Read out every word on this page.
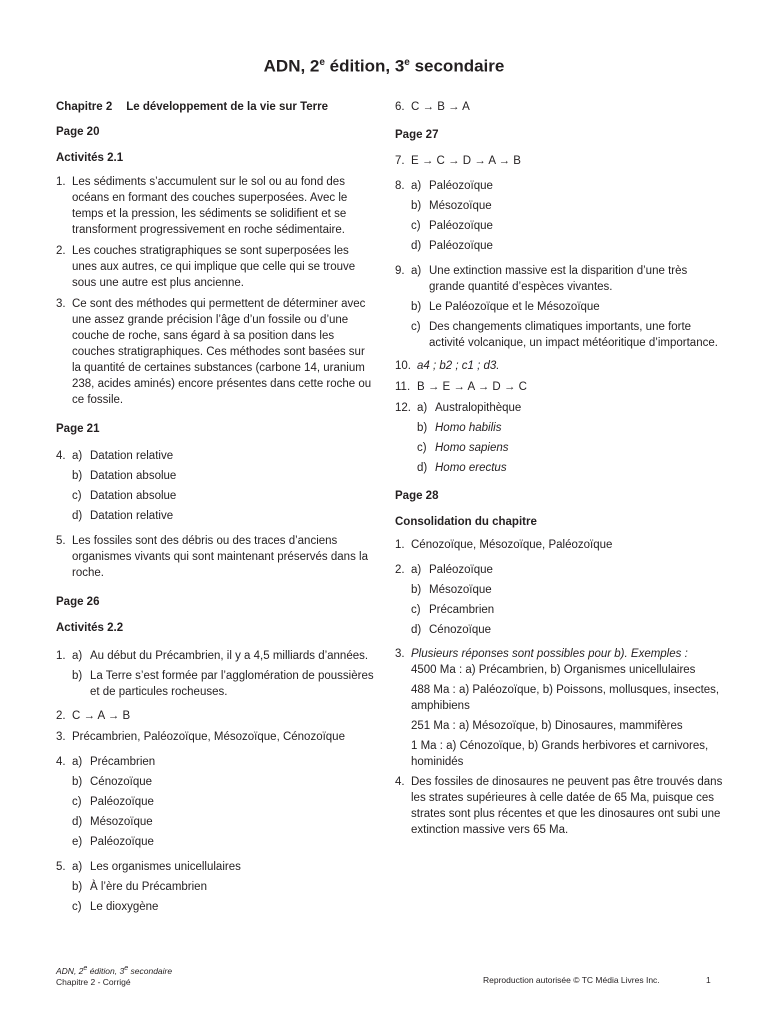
ADN, 2e édition, 3e secondaire
Chapitre 2 Le développement de la vie sur Terre
Page 20
Activités 2.1
1. Les sédiments s’accumulent sur le sol ou au fond des océans en formant des couches superposées. Avec le temps et la pression, les sédiments se solidifient et se transforment progressivement en roche sédimentaire.
2. Les couches stratigraphiques se sont superposées les unes aux autres, ce qui implique que celle qui se trouve sous une autre est plus ancienne.
3. Ce sont des méthodes qui permettent de déterminer avec une assez grande précision l’âge d’un fossile ou d’une couche de roche, sans égard à sa position dans les couches stratigraphiques. Ces méthodes sont basées sur la quantité de certaines substances (carbone 14, uranium 238, acides aminés) encore présentes dans cette roche ou ce fossile.
Page 21
4. a) Datation relative
b) Datation absolue
c) Datation absolue
d) Datation relative
5. Les fossiles sont des débris ou des traces d’anciens organismes vivants qui sont maintenant préservés dans la roche.
Page 26
Activités 2.2
1. a) Au début du Précambrien, il y a 4,5 milliards d’années.
b) La Terre s’est formée par l’agglomération de poussières et de particules rocheuses.
2. C → A → B
3. Précambrien, Paléozoïque, Mésozoïque, Cénozoïque
4. a) Précambrien
b) Cénozoïque
c) Paléozoïque
d) Mésozoïque
e) Paléozoïque
5. a) Les organismes unicellulaires
b) À l’ère du Précambrien
c) Le dioxygène
6. C → B → A
Page 27
7. E → C → D → A → B
8. a) Paléozoïque
b) Mésozoïque
c) Paléozoïque
d) Paléozoïque
9. a) Une extinction massive est la disparition d’une très grande quantité d’espèces vivantes.
b) Le Paléozoïque et le Mésozoïque
c) Des changements climatiques importants, une forte activité volcanique, un impact météoritique d’importance.
10. a4 ; b2 ; c1 ; d3.
11. B → E → A → D → C
12. a) Australopithèque
b) Homo habilis
c) Homo sapiens
d) Homo erectus
Page 28
Consolidation du chapitre
1. Cénozoïque, Mésozoïque, Paléozoïque
2. a) Paléozoïque
b) Mésozoïque
c) Précambrien
d) Cénozoïque
3. Plusieurs réponses sont possibles pour b). Exemples :
4500 Ma : a) Précambrien, b) Organismes unicellulaires
488 Ma : a) Paléozoïque, b) Poissons, mollusques, insectes, amphibiens
251 Ma : a) Mésozoïque, b) Dinosaures, mammifères
1 Ma : a) Cénozoïque, b) Grands herbivores et carnivores, hominidés
4. Des fossiles de dinosaures ne peuvent pas être trouvés dans les strates supérieures à celle datée de 65 Ma, puisque ces strates sont plus récentes et que les dinosaures ont subi une extinction massive vers 65 Ma.
ADN, 2e édition, 3e secondaire
Chapitre 2 - Corrigé	Reproduction autorisée © TC Média Livres Inc.	1
